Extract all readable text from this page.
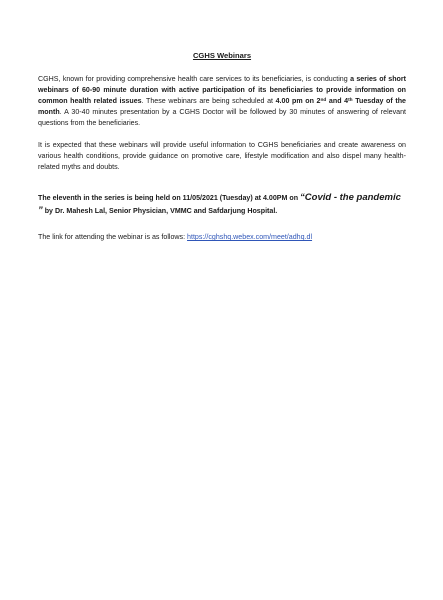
CGHS Webinars

CGHS, known for providing comprehensive health care services to its beneficiaries, is conducting a series of short webinars of 60-90 minute duration with active participation of its beneficiaries to provide information on common health related issues. These webinars are being scheduled at 4.00 pm on 2nd and 4th Tuesday of the month. A 30-40 minutes presentation by a CGHS Doctor will be followed by 30 minutes of answering of relevant questions from the beneficiaries.

It is expected that these webinars will provide useful information to CGHS beneficiaries and create awareness on various health conditions, provide guidance on promotive care, lifestyle modification and also dispel many health-related myths and doubts.

The eleventh in the series is being held on 11/05/2021 (Tuesday) at 4.00PM on “Covid - the pandemic ” by Dr. Mahesh Lal, Senior Physician, VMMC and Safdarjung Hospital.

The link for attending the webinar is as follows: https://cghshq.webex.com/meet/adhq.dl
